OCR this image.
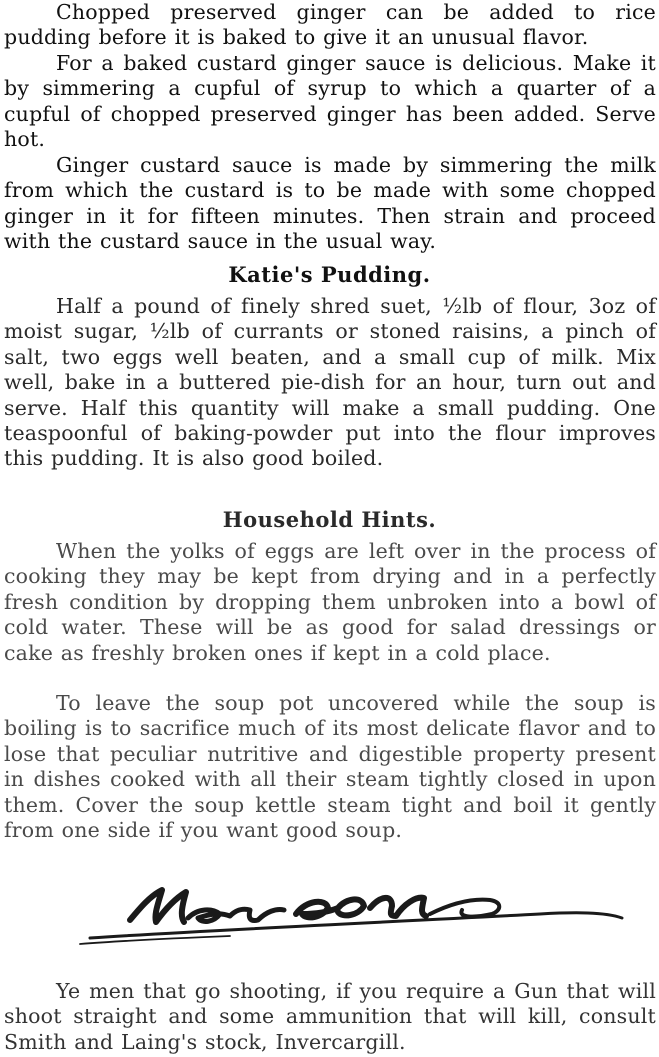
Chopped preserved ginger can be added to rice pudding before it is baked to give it an unusual flavor.

For a baked custard ginger sauce is delicious. Make it by simmering a cupful of syrup to which a quarter of a cupful of chopped preserved ginger has been added. Serve hot.

Ginger custard sauce is made by simmering the milk from which the custard is to be made with some chopped ginger in it for fifteen minutes. Then strain and proceed with the custard sauce in the usual way.

Katie's Pudding.

Half a pound of finely shred suet, ½lb of flour, 3oz of moist sugar, ½lb of currants or stoned raisins, a pinch of salt, two eggs well beaten, and a small cup of milk. Mix well, bake in a buttered pie-dish for an hour, turn out and serve. Half this quantity will make a small pudding. One teaspoonful of baking-powder put into the flour improves this pudding. It is also good boiled.

Household Hints.

When the yolks of eggs are left over in the process of cooking they may be kept from drying and in a perfectly fresh condition by dropping them unbroken into a bowl of cold water. These will be as good for salad dressings or cake as freshly broken ones if kept in a cold place.

To leave the soup pot uncovered while the soup is boiling is to sacrifice much of its most delicate flavor and to lose that peculiar nutritive and digestible property present in dishes cooked with all their steam tightly closed in upon them. Cover the soup kettle steam tight and boil it gently from one side if you want good soup.

Ye men that go shooting, if you require a Gun that will shoot straight and some ammunition that will kill, consult Smith and Laing's stock, Invercargill.
